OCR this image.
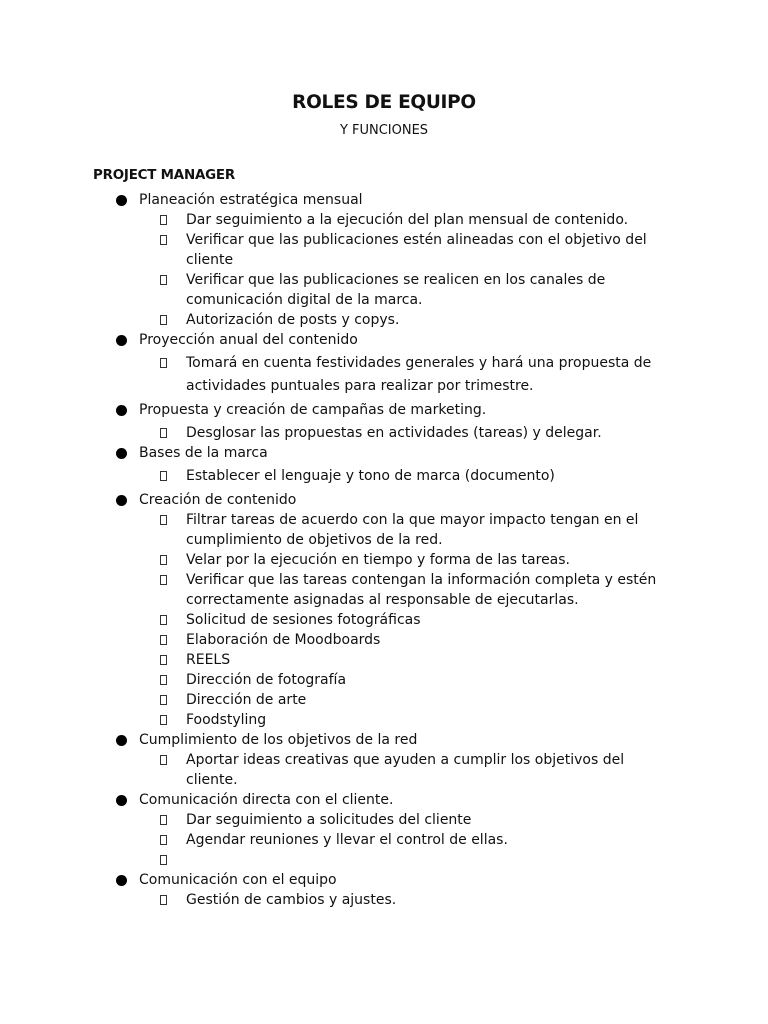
ROLES DE EQUIPO
Y FUNCIONES
PROJECT MANAGER
Planeación estratégica mensual
Dar seguimiento a la ejecución del plan mensual de contenido.
Verificar que las publicaciones estén alineadas con el objetivo del cliente
Verificar que las publicaciones se realicen en los canales de comunicación digital de la marca.
Autorización de posts y copys.
Proyección anual del contenido
Tomará en cuenta festividades generales y hará una propuesta de actividades puntuales para realizar por trimestre.
Propuesta y creación de campañas de marketing.
Desglosar las propuestas en actividades (tareas) y delegar.
Bases de la marca
Establecer el lenguaje y tono de marca (documento)
Creación de contenido
Filtrar tareas de acuerdo con la que mayor impacto tengan en el cumplimiento de objetivos de la red.
Velar por la ejecución en tiempo y forma de las tareas.
Verificar que las tareas contengan la información completa y estén correctamente asignadas al responsable de ejecutarlas.
Solicitud de sesiones fotográficas
Elaboración de Moodboards
REELS
Dirección de fotografía
Dirección de arte
Foodstyling
Cumplimiento de los objetivos de la red
Aportar ideas creativas que ayuden a cumplir los objetivos del cliente.
Comunicación directa con el cliente.
Dar seguimiento a solicitudes del cliente
Agendar reuniones y llevar el control de ellas.
Comunicación con el equipo
Gestión de cambios y ajustes.
